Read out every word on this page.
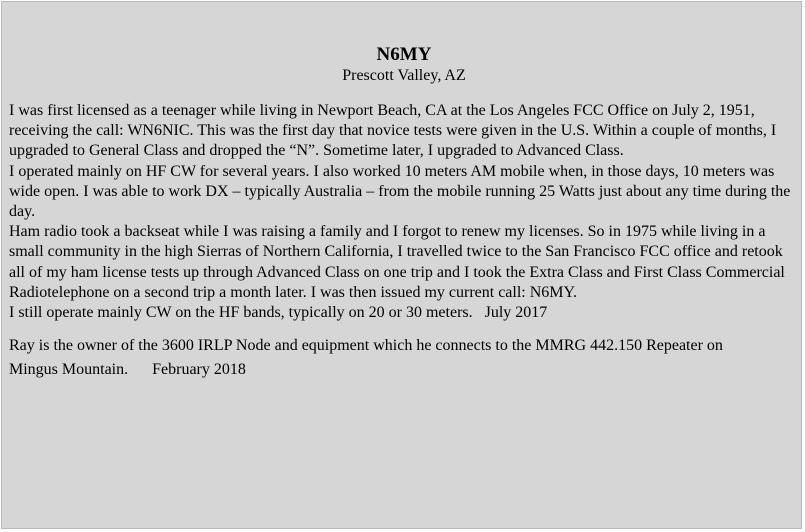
N6MY

Prescott Valley, AZ

I was first licensed as a teenager while living in Newport Beach, CA at the Los Angeles FCC Office on July 2, 1951, receiving the call: WN6NIC. This was the first day that novice tests were given in the U.S. Within a couple of months, I upgraded to General Class and dropped the “N”. Sometime later, I upgraded to Advanced Class.

I operated mainly on HF CW for several years. I also worked 10 meters AM mobile when, in those days, 10 meters was wide open. I was able to work DX – typically Australia – from the mobile running 25 Watts just about any time during the day.

Ham radio took a backseat while I was raising a family and I forgot to renew my licenses. So in 1975 while living in a small community in the high Sierras of Northern California, I travelled twice to the San Francisco FCC office and retook all of my ham license tests up through Advanced Class on one trip and I took the Extra Class and First Class Commercial Radiotelephone on a second trip a month later. I was then issued my current call: N6MY.

I still operate mainly CW on the HF bands, typically on 20 or 30 meters.   July 2017

Ray is the owner of the 3600 IRLP Node and equipment which he connects to the MMRG 442.150 Repeater on Mingus Mountain.      February 2018
